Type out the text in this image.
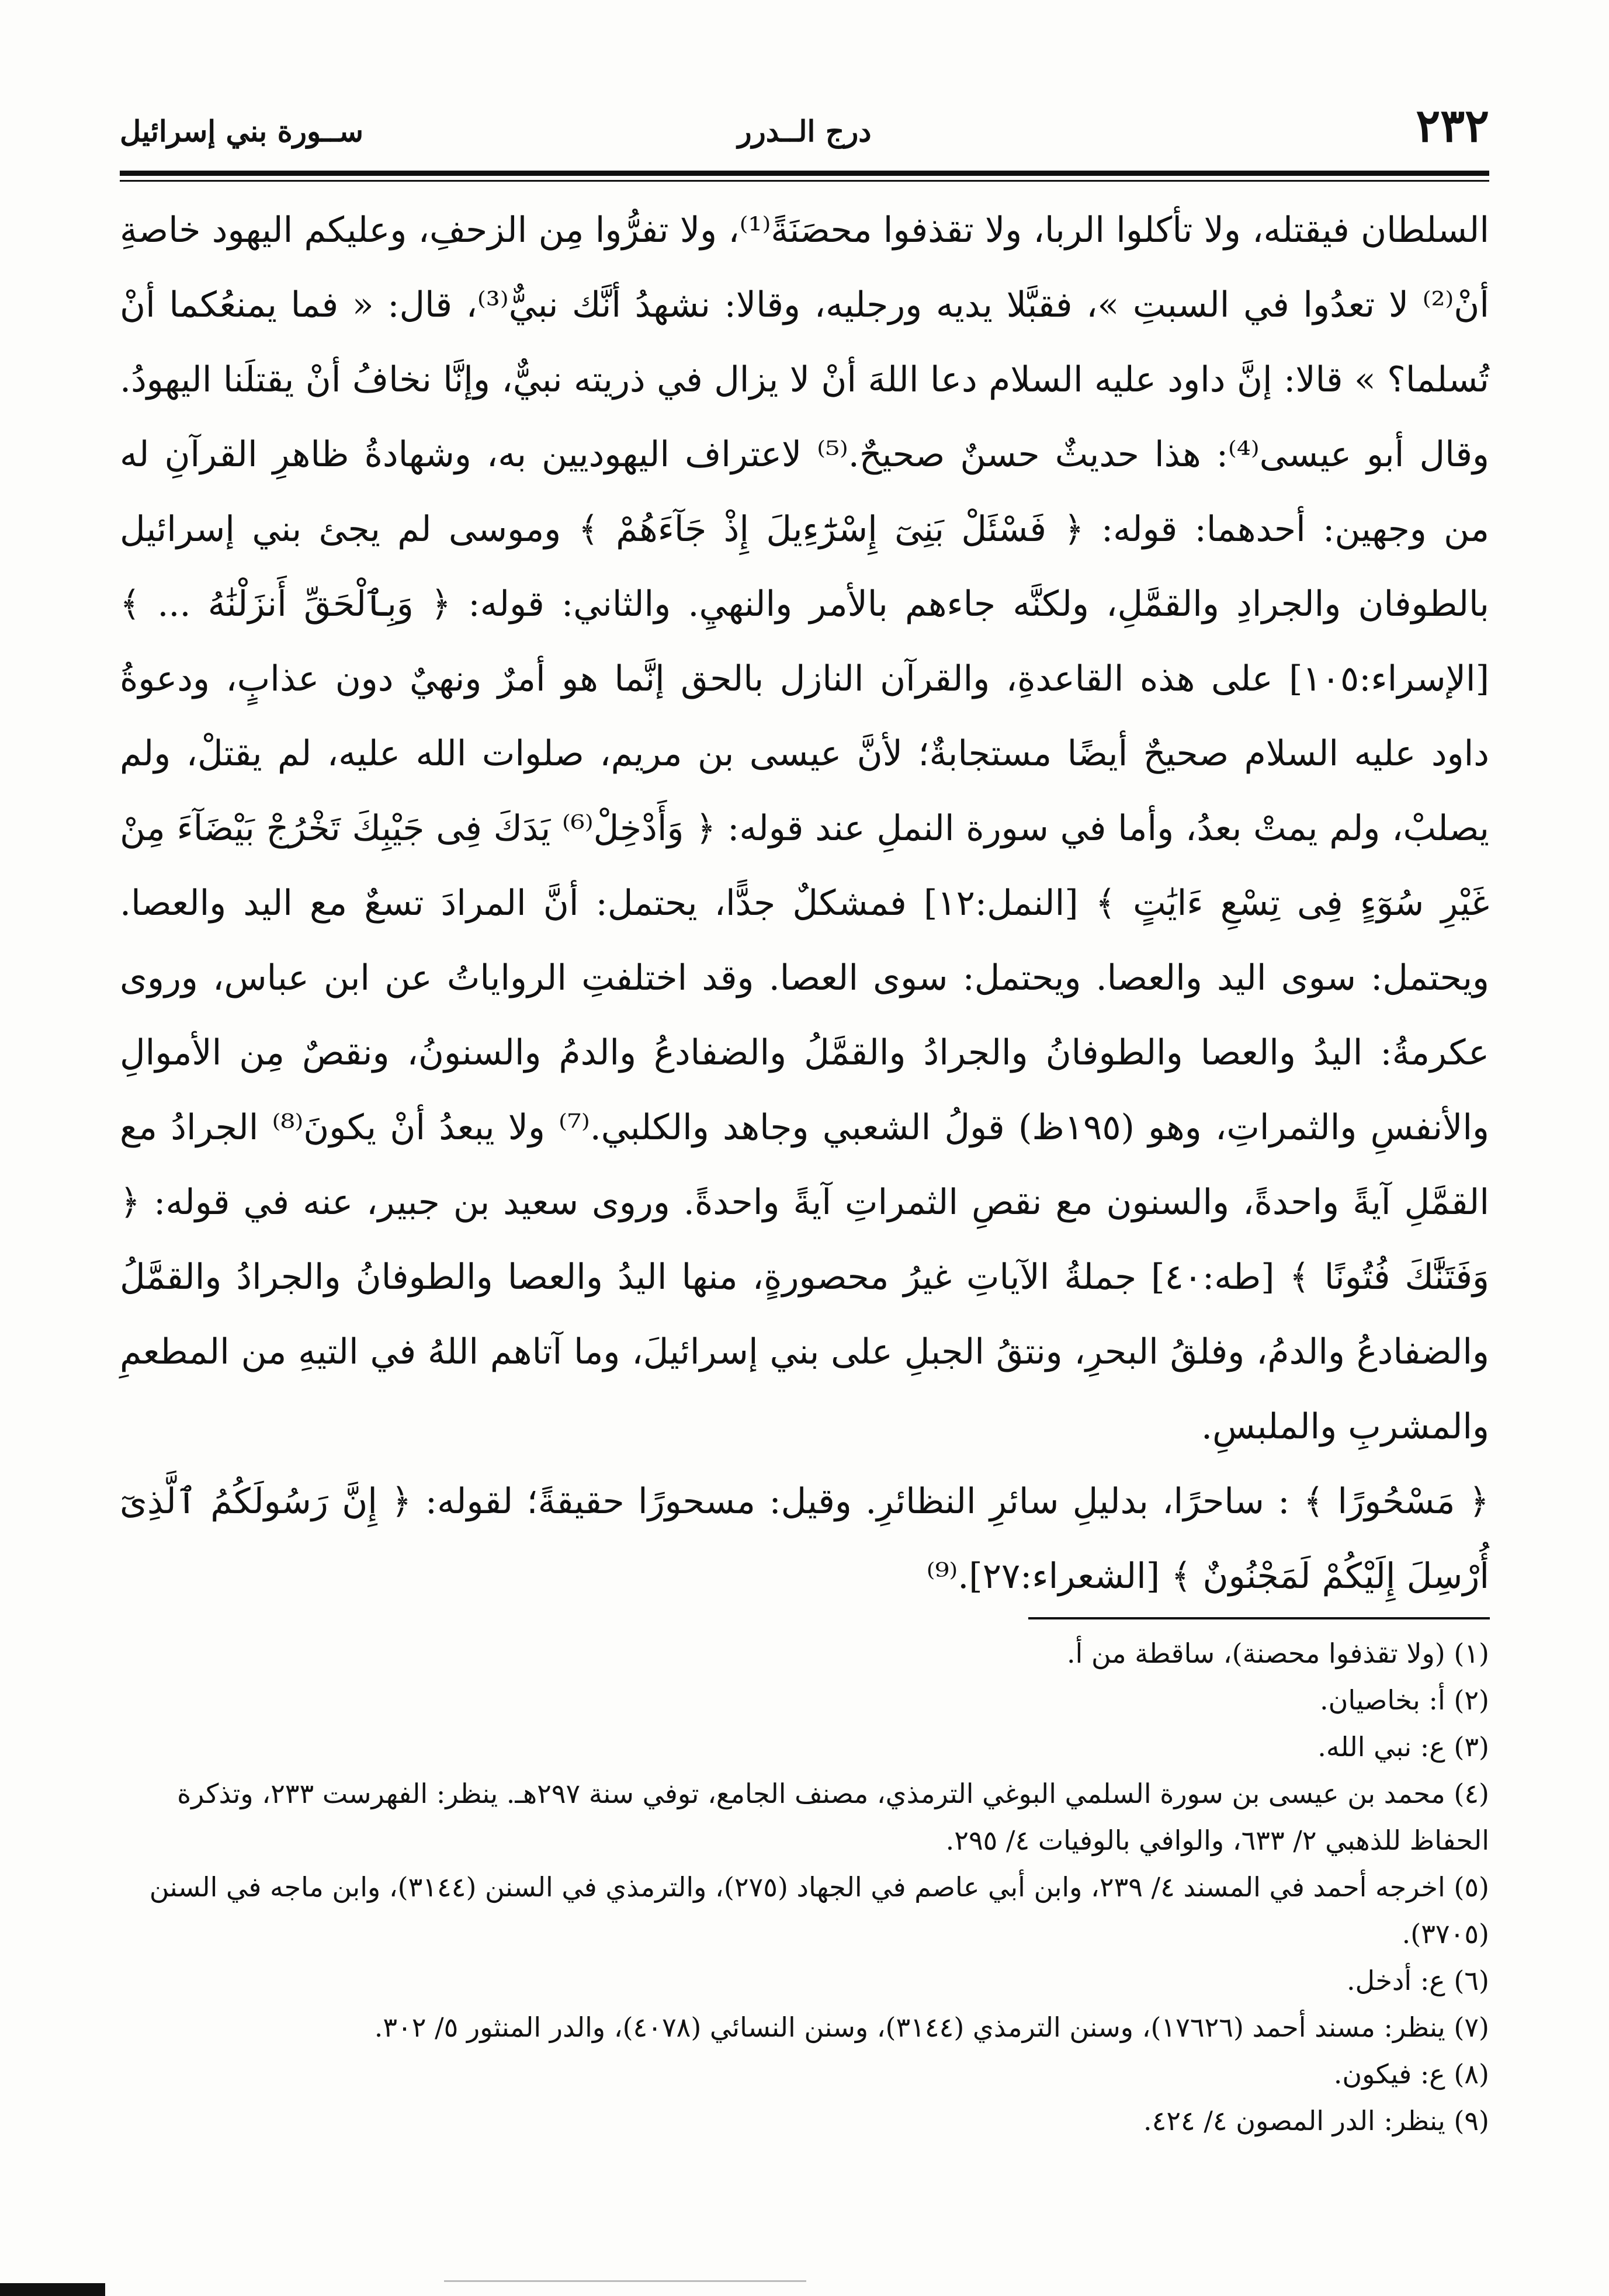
٢٣٢
درج الــدرر
ســورة بني إسرائيل

السلطان فيقتله، ولا تأكلوا الربا، ولا تقذفوا محصَنَةً⁽¹⁾، ولا تفرُّوا مِن الزحفِ، وعليكم اليهود خاصةِ أنْ⁽²⁾ لا تعدُوا في السبتِ »، فقبَّلا يديه ورجليه، وقالا: نشهدُ أنَّك نبيٌّ⁽³⁾، قال: « فما يمنعُكما أنْ تُسلما؟ » قالا: إنَّ داود عليه السلام دعا اللهَ أنْ لا يزال في ذريته نبيٌّ، وإنَّا نخافُ أنْ يقتلَنا اليهودُ. وقال أبو عيسى⁽⁴⁾: هذا حديثٌ حسنٌ صحيحٌ.⁽⁵⁾ لاعتراف اليهوديين به، وشهادةُ ظاهرِ القرآنِ له من وجهين: أحدهما: قوله: ﴿ فَسْئَلْ بَنِىٓ إِسْرَٰٓءِيلَ إِذْ جَآءَهُمْ ﴾ وموسى لم يجئ بني إسرائيل بالطوفان والجرادِ والقمَّلِ، ولكنَّه جاءهم بالأمر والنهيِ. والثاني: قوله: ﴿ وَبِٱلْحَقِّ أَنزَلْنَٰهُ ... ﴾ [الإسراء:١٠٥] على هذه القاعدةِ، والقرآن النازل بالحق إنَّما هو أمرٌ ونهيٌ دون عذابٍ، ودعوةُ داود عليه السلام صحيحٌ أيضًا مستجابةٌ؛ لأنَّ عيسى بن مريم، صلوات الله عليه، لم يقتلْ، ولم يصلبْ، ولم يمتْ بعدُ، وأما في سورة النملِ عند قوله: ﴿ وَأَدْخِلْ⁽⁶⁾ يَدَكَ فِى جَيْبِكَ تَخْرُجْ بَيْضَآءَ مِنْ غَيْرِ سُوٓءٍ فِى تِسْعِ ءَايَٰتٍ ﴾ [النمل:١٢] فمشكلٌ جدًّا، يحتمل: أنَّ المرادَ تسعٌ مع اليد والعصا. ويحتمل: سوى اليد والعصا. ويحتمل: سوى العصا. وقد اختلفتِ الرواياتُ عن ابن عباس، وروى عكرمةُ: اليدُ والعصا والطوفانُ والجرادُ والقمَّلُ والضفادعُ والدمُ والسنونُ، ونقصٌ مِن الأموالِ والأنفسِ والثمراتِ، وهو (١٩٥ظ) قولُ الشعبي وجاهد والكلبي.⁽⁷⁾ ولا يبعدُ أنْ يكونَ⁽⁸⁾ الجرادُ مع القمَّلِ آيةً واحدةً، والسنون مع نقصِ الثمراتِ آيةً واحدةً. وروى سعيد بن جبير، عنه في قوله: ﴿ وَفَتَنَّٰكَ فُتُونًا ﴾ [طه:٤٠] جملةُ الآياتِ غيرُ محصورةٍ، منها اليدُ والعصا والطوفانُ والجرادُ والقمَّلُ والضفادعُ والدمُ، وفلقُ البحرِ، ونتقُ الجبلِ على بني إسرائيلَ، وما آتاهم اللهُ في التيهِ من المطعمِ والمشربِ والملبسِ.

﴿ مَسْحُورًا ﴾ : ساحرًا، بدليلِ سائرِ النظائرِ. وقيل: مسحورًا حقيقةً؛ لقوله: ﴿ إِنَّ رَسُولَكُمُ ٱلَّذِىٓ أُرْسِلَ إِلَيْكُمْ لَمَجْنُونٌ ﴾ [الشعراء:٢٧].⁽⁹⁾

(١) (ولا تقذفوا محصنة)، ساقطة من أ.

(٢) أ: بخاصيان.

(٣) ع: نبي الله.

(٤) محمد بن عيسى بن سورة السلمي البوغي الترمذي، مصنف الجامع، توفي سنة ٢٩٧هـ. ينظر: الفهرست ٢٣٣، وتذكرة الحفاظ للذهبي ٢/ ٦٣٣، والوافي بالوفيات ٤/ ٢٩٥.

(٥) اخرجه أحمد في المسند ٤/ ٢٣٩، وابن أبي عاصم في الجهاد (٢٧٥)، والترمذي في السنن (٣١٤٤)، وابن ماجه في السنن (٣٧٠٥).

(٦) ع: أدخل.

(٧) ينظر: مسند أحمد (١٧٦٢٦)، وسنن الترمذي (٣١٤٤)، وسنن النسائي (٤٠٧٨)، والدر المنثور ٥/ ٣٠٢.

(٨) ع: فيكون.

(٩) ينظر: الدر المصون ٤/ ٤٢٤.
